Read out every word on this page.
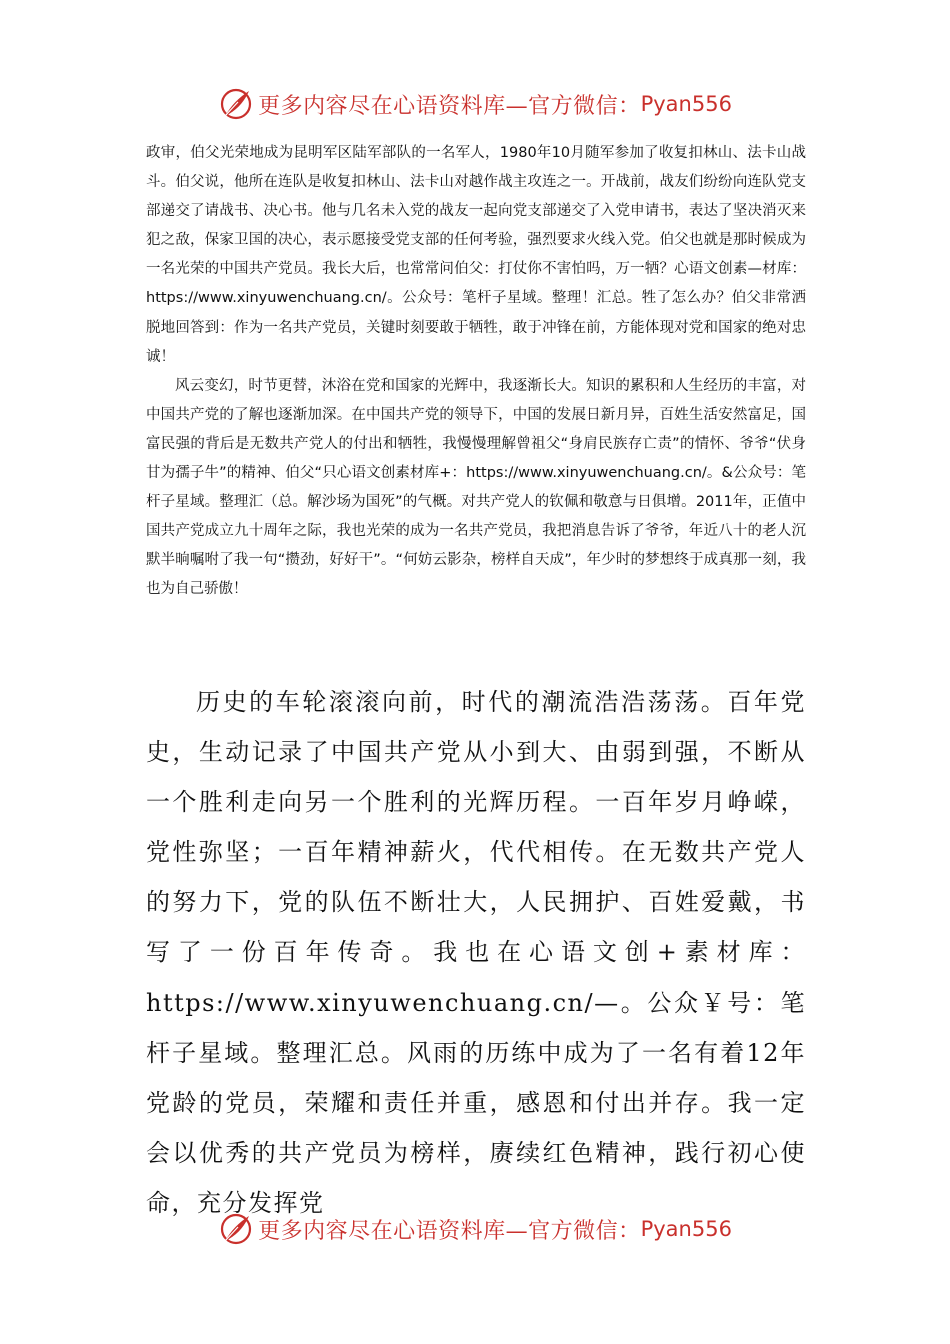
更多内容尽在心语资料库—官方微信： Pyan556

政审，伯父光荣地成为昆明军区陆军部队的一名军人，1980年10月随军参加了收复扣林山、法卡山战斗。伯父说，他所在连队是收复扣林山、法卡山对越作战主攻连之一。开战前，战友们纷纷向连队党支部递交了请战书、决心书。他与几名未入党的战友一起向党支部递交了入党申请书，表达了坚决消灭来犯之敌，保家卫国的决心，表示愿接受党支部的任何考验，强烈要求火线入党。伯父也就是那时候成为一名光荣的中国共产党员。我长大后，也常常问伯父：打仗你不害怕吗，万一牺？心语文创素—材库：https://www.xinyuwenchuang.cn/。公众号：笔杆子星域。整理！汇总。牲了怎么办？伯父非常洒脱地回答到：作为一名共产党员，关键时刻要敢于牺牲，敢于冲锋在前，方能体现对党和国家的绝对忠诚！

风云变幻，时节更替，沐浴在党和国家的光辉中，我逐渐长大。知识的累积和人生经历的丰富，对中国共产党的了解也逐渐加深。在中国共产党的领导下，中国的发展日新月异，百姓生活安然富足，国富民强的背后是无数共产党人的付出和牺牲，我慢慢理解曾祖父“身肩民族存亡责”的情怀、爷爷“伏身甘为孺子牛”的精神、伯父“只心语文创素材库+：https://www.xinyuwenchuang.cn/。&公众号：笔杆子星域。整理汇（总。解沙场为国死”的气概。对共产党人的钦佩和敬意与日俱增。2011年，正值中国共产党成立九十周年之际，我也光荣的成为一名共产党员，我把消息告诉了爷爷，年近八十的老人沉默半晌嘱咐了我一句“攒劲，好好干”。“何妨云影杂，榜样自天成”，年少时的梦想终于成真那一刻，我也为自己骄傲！

历史的车轮滚滚向前，时代的潮流浩浩荡荡。百年党史，生动记录了中国共产党从小到大、由弱到强，不断从一个胜利走向另一个胜利的光辉历程。一百年岁月峥嵘，党性弥坚；一百年精神薪火，代代相传。在无数共产党人的努力下，党的队伍不断壮大，人民拥护、百姓爱戴，书写了一份百年传奇。我也在心语文创+素材库：https://www.xinyuwenchuang.cn/—。公众￥号：笔杆子星域。整理汇总。风雨的历练中成为了一名有着12年党龄的党员，荣耀和责任并重，感恩和付出并存。我一定会以优秀的共产党员为榜样，赓续红色精神，践行初心使命，充分发挥党

更多内容尽在心语资料库—官方微信： Pyan556
